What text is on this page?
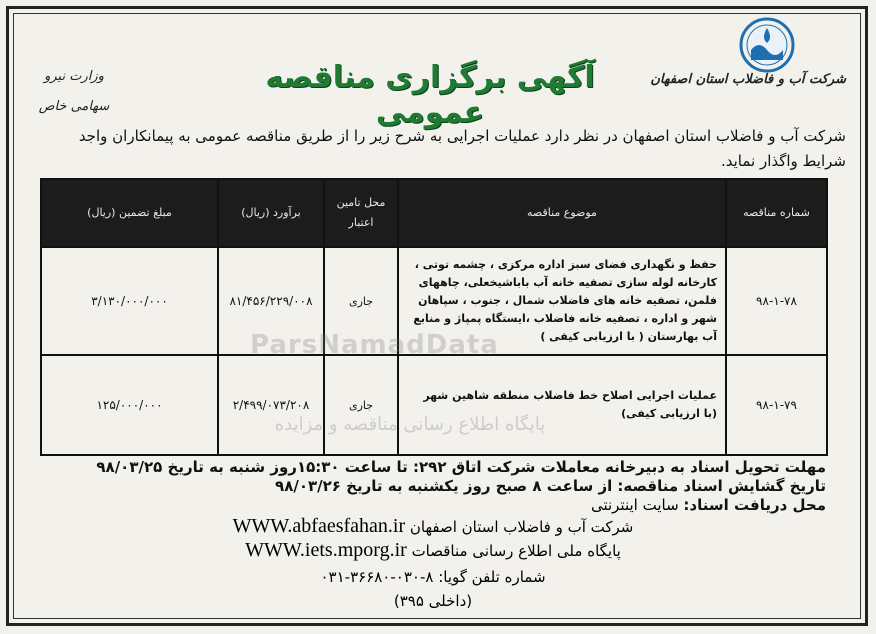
شرکت آب و فاضلاب استان اصفهان
وزارت نیرو
سهامی خاص
آگهی برگزاری مناقصه عمومی
شرکت آب و فاضلاب استان اصفهان در نظر دارد عملیات اجرایی به شرح زیر را از طریق مناقصه عمومی به پیمانکاران واجد شرایط واگذار نماید.
شماره مناقصه	موضوع مناقصه	محل تامین اعتبار	برآورد (ریال)	مبلغ تضمین (ریال)
۹۸-۱-۷۸	حفظ و نگهداری فضای سبز اداره مرکزی ، چشمه توتی ، کارخانه لوله سازی تصفیه خانه آب باباشیخعلی، چاههای فلمن، تصفیه خانه های فاضلاب شمال ، جنوب ، سپاهان شهر و اداره ، تصفیه خانه فاضلاب ،ایستگاه پمپاژ و منابع آب بهارستان ( با ارزیابی کیفی )	جاری	۸۱/۴۵۶/۲۲۹/۰۰۸	۳/۱۳۰/۰۰۰/۰۰۰
۹۸-۱-۷۹	عملیات اجرایی اصلاح خط فاضلاب منطقه شاهین شهر (با ارزیابی کیفی)	جاری	۲/۴۹۹/۰۷۳/۲۰۸	۱۲۵/۰۰۰/۰۰۰
ParsNamadData
پایگاه اطلاع رسانی مناقصه و مزایده
مهلت تحویل اسناد به دبیرخانه معاملات شرکت اتاق ۲۹۲: تا ساعت ۱۵:۳۰روز شنبه به تاریخ ۹۸/۰۳/۲۵
تاریخ گشایش اسناد مناقصه: از ساعت ۸ صبح روز یکشنبه به تاریخ ۹۸/۰۳/۲۶
محل دریافت اسناد: سایت اینترنتی
شرکت آب و فاضلاب استان اصفهان WWW.abfaesfahan.ir
پایگاه ملی اطلاع رسانی مناقصات WWW.iets.mporg.ir
شماره تلفن گویا: ۸-۰۳۰-۳۶۶۸۰-۰۳۱
(داخلی ۳۹۵)
